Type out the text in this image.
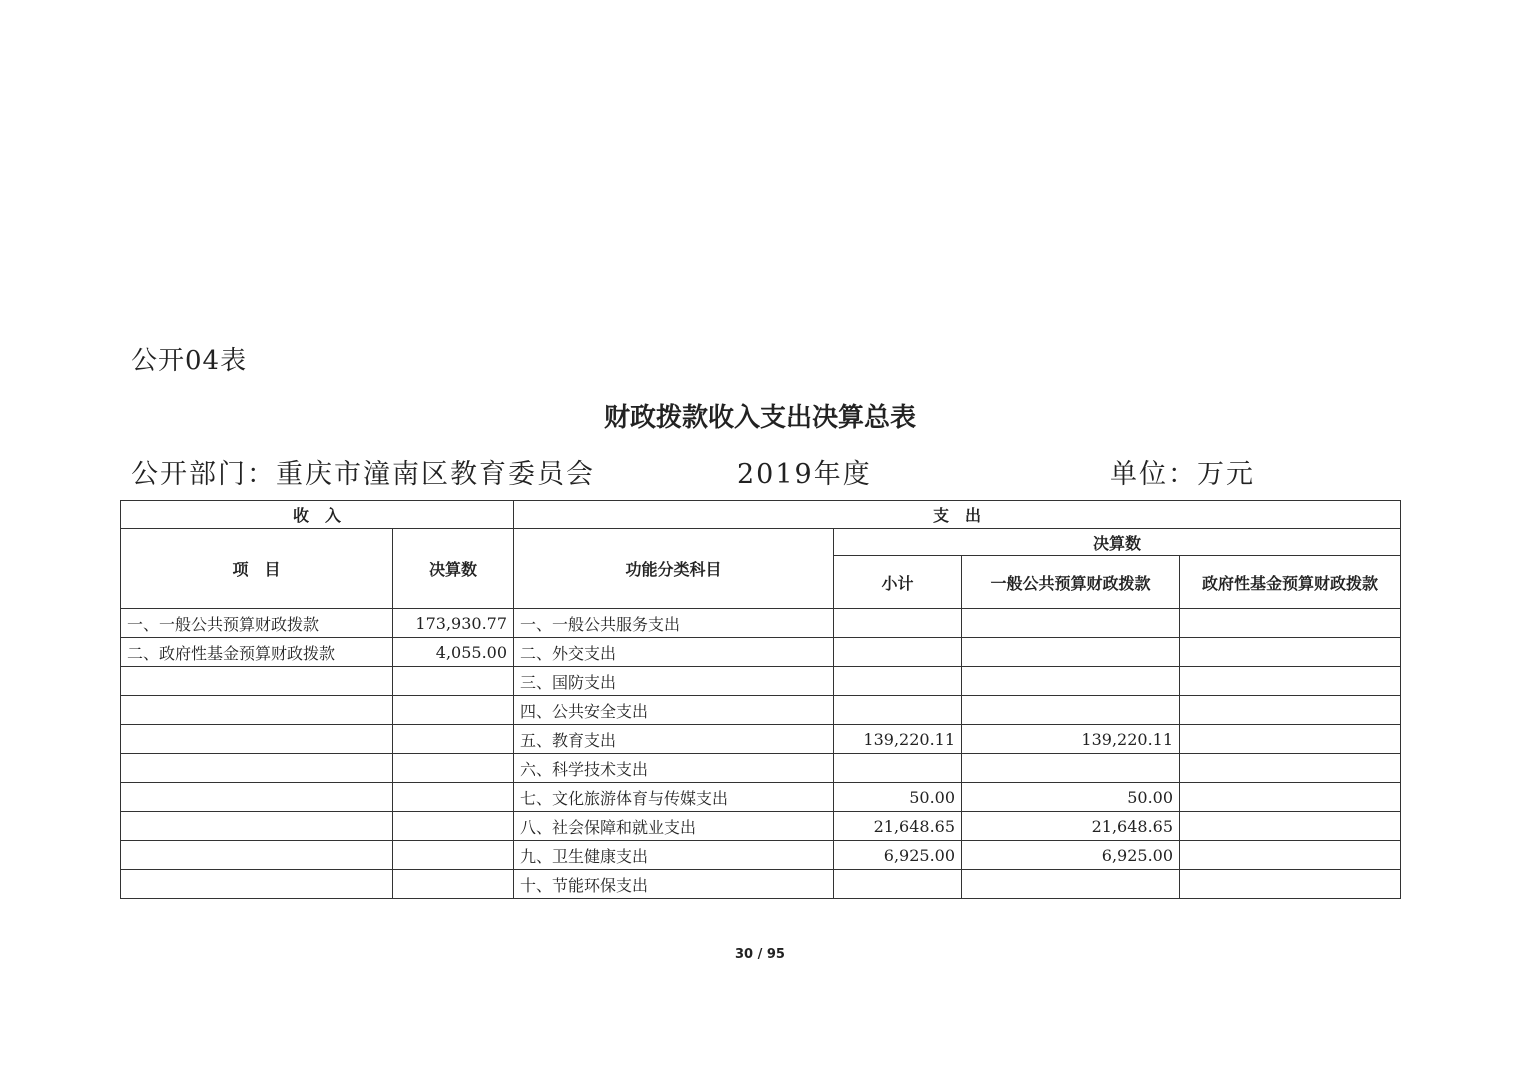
公开04表
财政拨款收入支出决算总表
公开部门：重庆市潼南区教育委员会	2019年度	单位：万元
收　入		支　出			
项　目	决算数	功能分类科目	决算数		
			小计	一般公共预算财政拨款	政府性基金预算财政拨款
一、一般公共预算财政拨款	173,930.77	一、一般公共服务支出			
二、政府性基金预算财政拨款	4,055.00	二、外交支出			
		三、国防支出			
		四、公共安全支出			
		五、教育支出	139,220.11	139,220.11	
		六、科学技术支出			
		七、文化旅游体育与传媒支出	50.00	50.00	
		八、社会保障和就业支出	21,648.65	21,648.65	
		九、卫生健康支出	6,925.00	6,925.00	
		十、节能环保支出			
30 / 95
